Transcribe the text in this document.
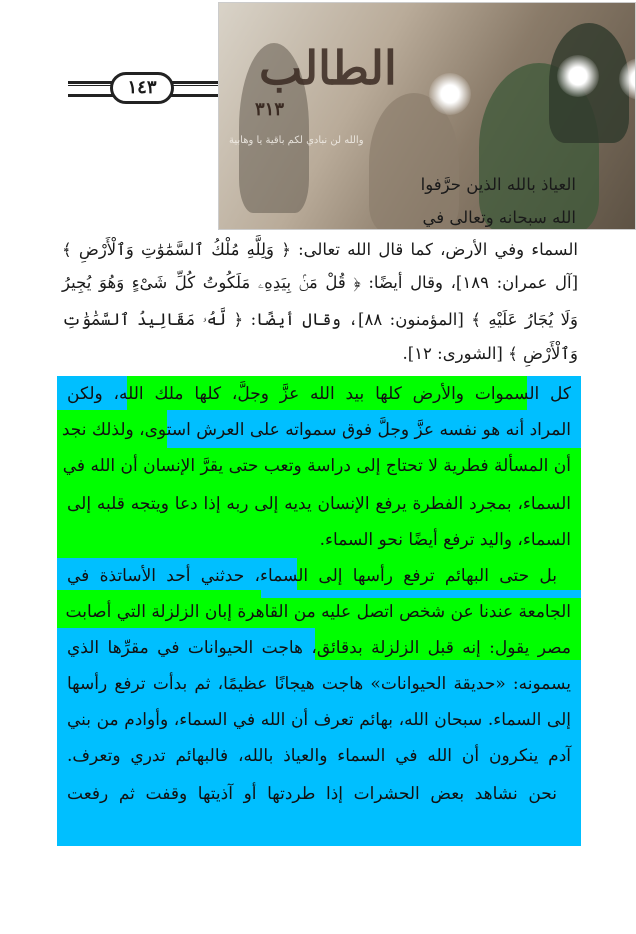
١٤٣	الطالب
٣١٣
والله لن نبادي لكم باقية يا وهابية
العياذ بالله الذين حرَّفوا
الله سبحانه وتعالى في
السماء وفي الأرض، كما قال الله تعالى: ﴿ وَلِلَّهِ مُلْكُ ٱلسَّمَٰوَٰتِ وَٱلْأَرْضِ ﴾
[آل عمران: ١٨٩]، وقال أيضًا: ﴿ قُلْ مَنۢ بِيَدِهِۦ مَلَكُوتُ كُلِّ شَىْءٍ وَهُوَ يُجِيرُ
وَلَا يُجَارُ عَلَيْهِ ﴾ [المؤمنون: ٨٨]، وقال أيضًا: ﴿ لَّهُۥ مَقَالِيدُ ٱلسَّمَٰوَٰتِ
وَٱلْأَرْضِ ﴾ [الشورى: ١٢].
كل السموات والأرض كلها بيد الله عزَّ وجلَّ، كلها ملك الله، ولكن
المراد أنه هو نفسه عزَّ وجلَّ فوق سمواته على العرش استوى، ولذلك نجد
أن المسألة فطرية لا تحتاج إلى دراسة وتعب حتى يقرَّ الإنسان أن الله في
السماء، بمجرد الفطرة يرفع الإنسان يديه إلى ربه إذا دعا ويتجه قلبه إلى
السماء، واليد ترفع أيضًا نحو السماء.
بل حتى البهائم ترفع رأسها إلى السماء، حدثني أحد الأساتذة في
الجامعة عندنا عن شخص اتصل عليه من القاهرة إبان الزلزلة التي أصابت
مصر يقول: إنه قبل الزلزلة بدقائق، هاجت الحيوانات في مقرِّها الذي
يسمونه: «حديقة الحيوانات» هاجت هيجانًا عظيمًا، ثم بدأت ترفع رأسها
إلى السماء. سبحان الله، بهائم تعرف أن الله في السماء، وأوادم من بني
آدم ينكرون أن الله في السماء والعياذ بالله، فالبهائم تدري وتعرف.
نحن نشاهد بعض الحشرات إذا طردتها أو آذيتها وقفت ثم رفعت
